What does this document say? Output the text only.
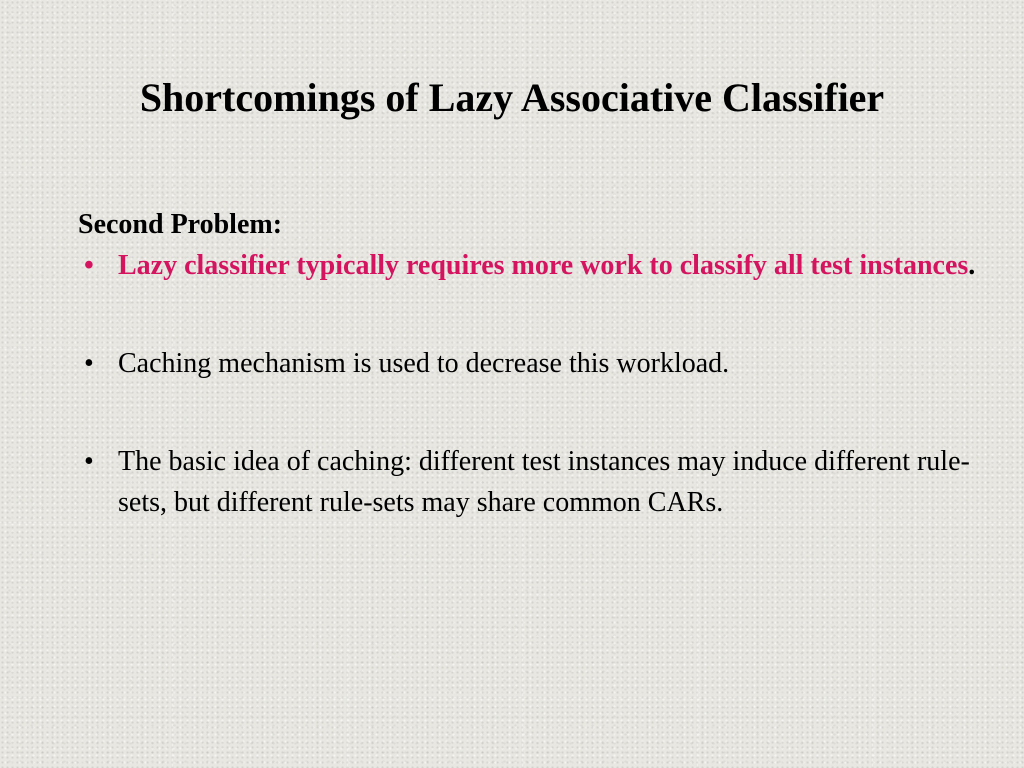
Shortcomings of Lazy Associative Classifier

Second Problem:

• Lazy classifier typically requires more work to classify all test instances.
• Caching mechanism is used to decrease this workload.
• The basic idea of caching: different test instances may induce different rule-sets, but different rule-sets may share common CARs.
